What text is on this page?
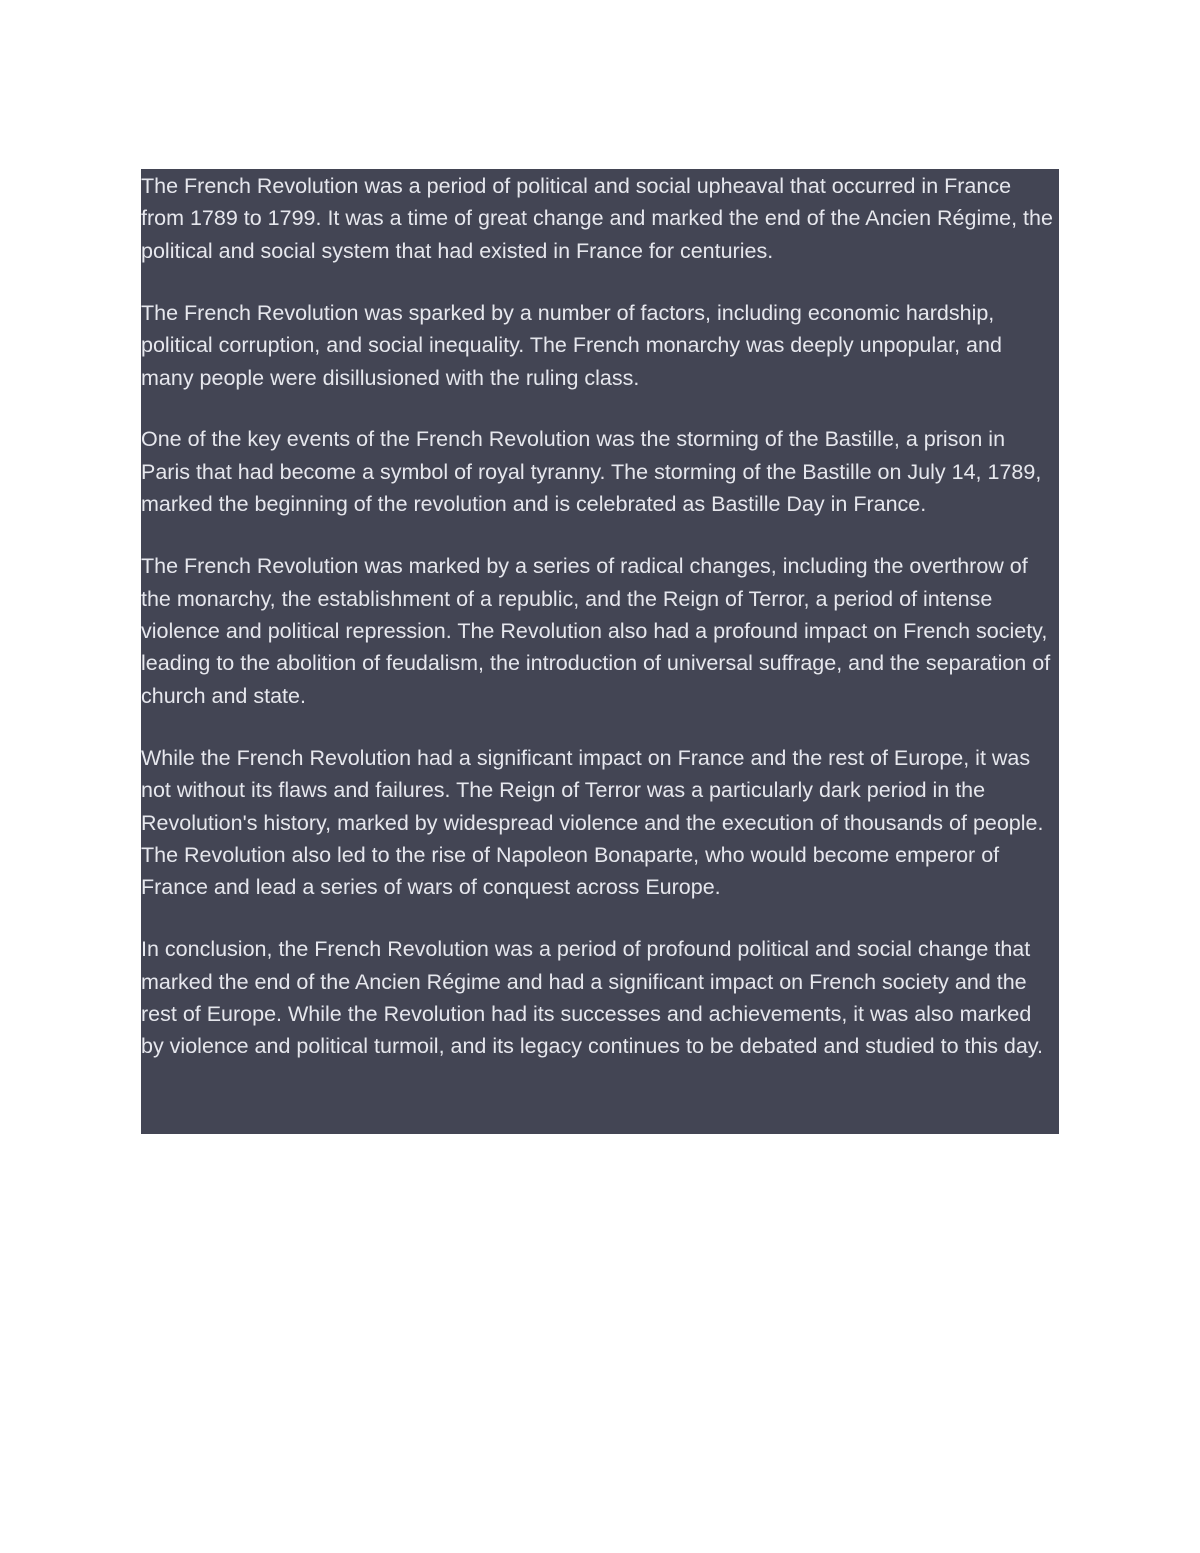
The French Revolution was a period of political and social upheaval that occurred in France from 1789 to 1799. It was a time of great change and marked the end of the Ancien Régime, the political and social system that had existed in France for centuries.

The French Revolution was sparked by a number of factors, including economic hardship, political corruption, and social inequality. The French monarchy was deeply unpopular, and many people were disillusioned with the ruling class.

One of the key events of the French Revolution was the storming of the Bastille, a prison in Paris that had become a symbol of royal tyranny. The storming of the Bastille on July 14, 1789, marked the beginning of the revolution and is celebrated as Bastille Day in France.

The French Revolution was marked by a series of radical changes, including the overthrow of the monarchy, the establishment of a republic, and the Reign of Terror, a period of intense violence and political repression. The Revolution also had a profound impact on French society, leading to the abolition of feudalism, the introduction of universal suffrage, and the separation of church and state.

While the French Revolution had a significant impact on France and the rest of Europe, it was not without its flaws and failures. The Reign of Terror was a particularly dark period in the Revolution's history, marked by widespread violence and the execution of thousands of people. The Revolution also led to the rise of Napoleon Bonaparte, who would become emperor of France and lead a series of wars of conquest across Europe.

In conclusion, the French Revolution was a period of profound political and social change that marked the end of the Ancien Régime and had a significant impact on French society and the rest of Europe. While the Revolution had its successes and achievements, it was also marked by violence and political turmoil, and its legacy continues to be debated and studied to this day.
